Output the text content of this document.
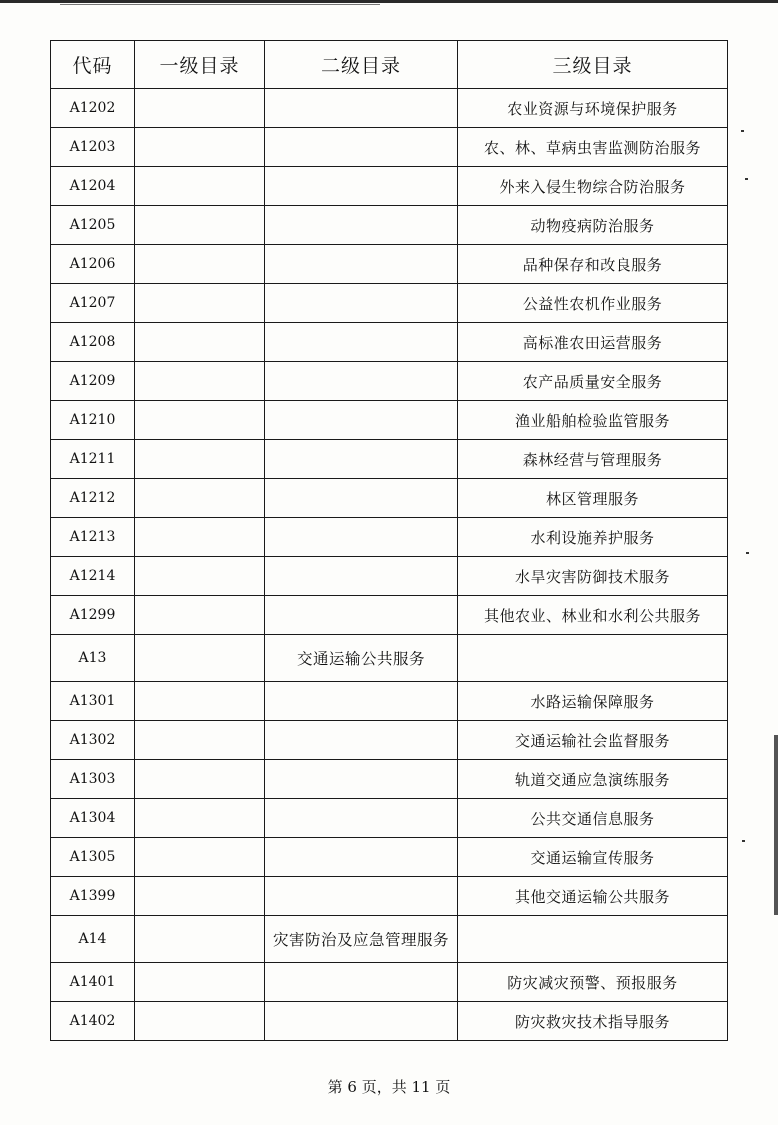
代码	一级目录	二级目录	三级目录
A1202			农业资源与环境保护服务
A1203			农、林、草病虫害监测防治服务
A1204			外来入侵生物综合防治服务
A1205			动物疫病防治服务
A1206			品种保存和改良服务
A1207			公益性农机作业服务
A1208			高标准农田运营服务
A1209			农产品质量安全服务
A1210			渔业船舶检验监管服务
A1211			森林经营与管理服务
A1212			林区管理服务
A1213			水利设施养护服务
A1214			水旱灾害防御技术服务
A1299			其他农业、林业和水利公共服务
A13		交通运输公共服务	
A1301			水路运输保障服务
A1302			交通运输社会监督服务
A1303			轨道交通应急演练服务
A1304			公共交通信息服务
A1305			交通运输宣传服务
A1399			其他交通运输公共服务
A14		灾害防治及应急管理服务	
A1401			防灾减灾预警、预报服务
A1402			防灾救灾技术指导服务
第 6 页，共 11 页
